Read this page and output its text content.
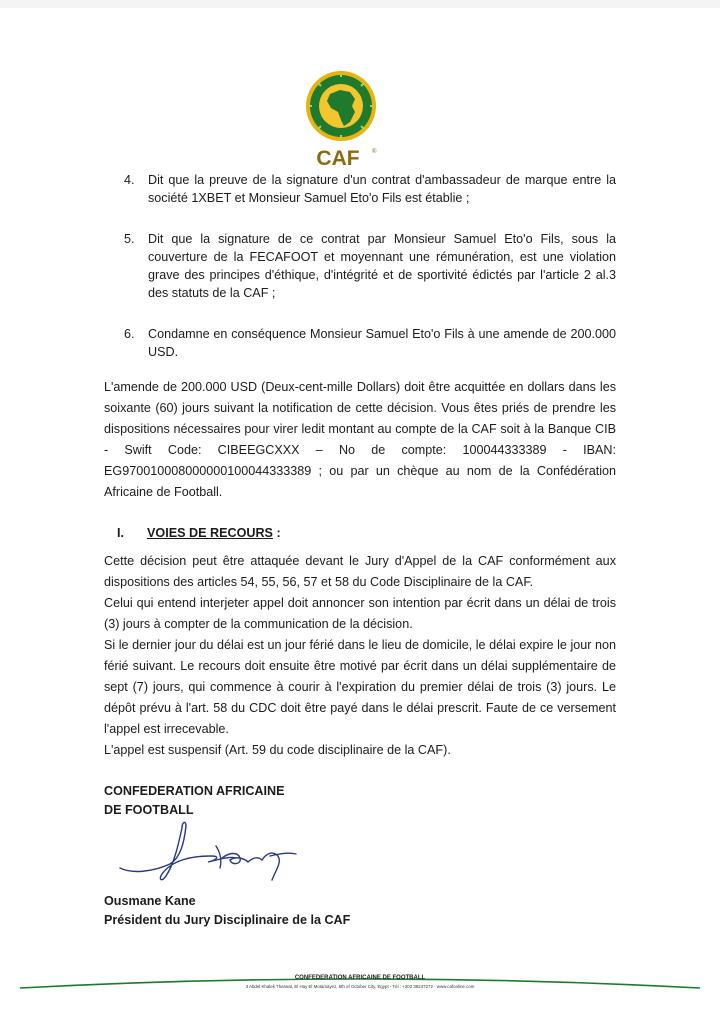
CAF ®
4. Dit que la preuve de la signature d'un contrat d'ambassadeur de marque entre la société 1XBET et Monsieur Samuel Eto'o Fils est établie ;
5. Dit que la signature de ce contrat par Monsieur Samuel Eto'o Fils, sous la couverture de la FECAFOOT et moyennant une rémunération, est une violation grave des principes d'éthique, d'intégrité et de sportivité édictés par l'article 2 al.3 des statuts de la CAF ;
6. Condamne en conséquence Monsieur Samuel Eto'o Fils à une amende de 200.000 USD.

L'amende de 200.000 USD (Deux-cent-mille Dollars) doit être acquittée en dollars dans les soixante (60) jours suivant la notification de cette décision. Vous êtes priés de prendre les dispositions nécessaires pour virer ledit montant au compte de la CAF soit à la Banque CIB - Swift Code: CIBEEGCXXX – No de compte: 100044333389 - IBAN: EG970010008000000100044333389 ; ou par un chèque au nom de la Confédération Africaine de Football.

I. VOIES DE RECOURS :

Cette décision peut être attaquée devant le Jury d'Appel de la CAF conformément aux dispositions des articles 54, 55, 56, 57 et 58 du Code Disciplinaire de la CAF.

Celui qui entend interjeter appel doit annoncer son intention par écrit dans un délai de trois (3) jours à compter de la communication de la décision.

Si le dernier jour du délai est un jour férié dans le lieu de domicile, le délai expire le jour non férié suivant. Le recours doit ensuite être motivé par écrit dans un délai supplémentaire de sept (7) jours, qui commence à courir à l'expiration du premier délai de trois (3) jours. Le dépôt prévu à l'art. 58 du CDC doit être payé dans le délai prescrit. Faute de ce versement l'appel est irrecevable.

L'appel est suspensif (Art. 59 du code disciplinaire de la CAF).

CONFEDERATION AFRICAINE
DE FOOTBALL
Ousmane Kane
Président du Jury Disciplinaire de la CAF
CONFEDERATION AFRICAINE DE FOOTBALL
3 Abdel Khalek Tharwat, El Hay El Motamayez, 6th of October City, Egypt - Tél : +202 38247272 - www.cafonline.com
